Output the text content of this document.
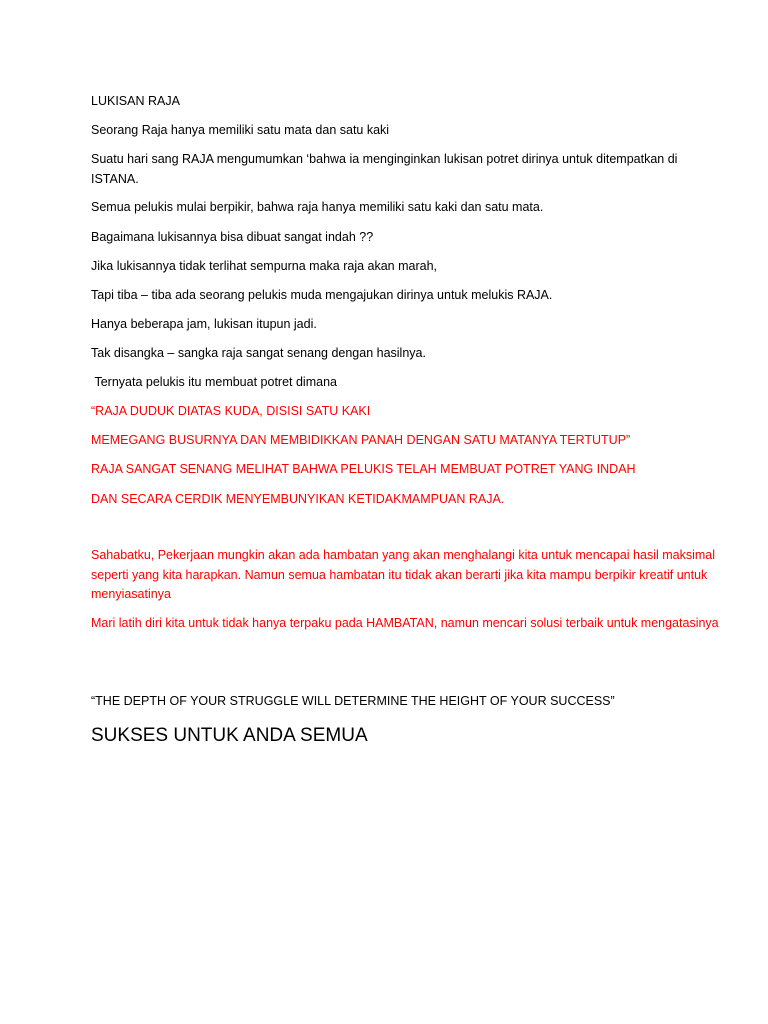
LUKISAN RAJA

Seorang Raja hanya memiliki satu mata dan satu kaki

Suatu hari sang RAJA mengumumkan ‘bahwa ia menginginkan lukisan potret dirinya untuk ditempatkan di ISTANA.

Semua pelukis mulai berpikir, bahwa raja hanya memiliki satu kaki dan satu mata.

Bagaimana lukisannya bisa dibuat sangat indah ??

Jika lukisannya tidak terlihat sempurna maka raja akan marah,

Tapi tiba – tiba ada seorang pelukis muda mengajukan dirinya untuk melukis RAJA.

Hanya beberapa jam, lukisan itupun jadi.

Tak disangka – sangka raja sangat senang dengan hasilnya.

Ternyata pelukis itu membuat potret dimana

“RAJA DUDUK DIATAS KUDA, DISISI SATU KAKI

MEMEGANG BUSURNYA DAN MEMBIDIKKAN PANAH DENGAN SATU MATANYA TERTUTUP”

RAJA SANGAT SENANG MELIHAT BAHWA PELUKIS TELAH MEMBUAT POTRET YANG INDAH

DAN SECARA CERDIK MENYEMBUNYIKAN KETIDAKMAMPUAN RAJA.

Sahabatku, Pekerjaan mungkin akan ada hambatan yang akan menghalangi kita untuk mencapai hasil maksimal  seperti yang kita harapkan. Namun semua hambatan itu tidak akan berarti jika kita mampu berpikir kreatif untuk menyiasatinya

Mari latih diri kita untuk tidak hanya terpaku pada HAMBATAN, namun mencari solusi terbaik untuk mengatasinya

“THE DEPTH OF YOUR STRUGGLE WILL DETERMINE THE HEIGHT OF YOUR SUCCESS”

SUKSES UNTUK ANDA SEMUA
